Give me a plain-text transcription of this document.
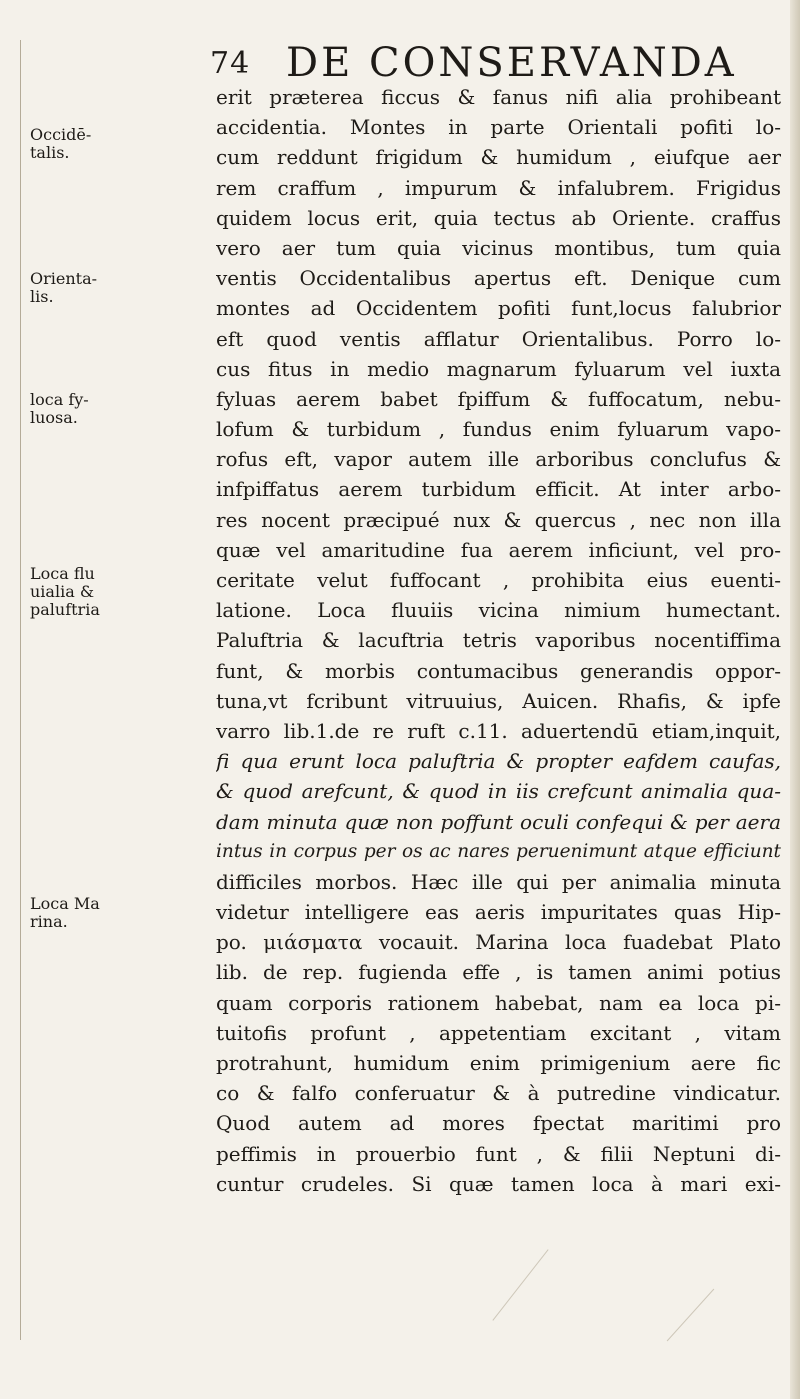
74 DE CONSERVANDA
Occidē-
talis.
Orienta-
lis.
loca fy-
luosa.
Loca flu
uialia &
paluftria
Loca Ma
rina.
erit præterea ficcus & fanus nifi alia prohibeant
accidentia. Montes in parte Orientali pofiti lo-
cum reddunt frigidum & humidum , eiufque aer
rem craffum , impurum & infalubrem. Frigidus
quidem locus erit, quia tectus ab Oriente. craffus
vero aer tum quia vicinus montibus, tum quia
ventis Occidentalibus apertus eft. Denique cum
montes ad Occidentem pofiti funt,locus falubrior
eft quod ventis afflatur Orientalibus. Porro lo-
cus fitus in medio magnarum fyluarum vel iuxta
fyluas aerem babet fpiffum & fuffocatum, nebu-
lofum & turbidum , fundus enim fyluarum vapo-
rofus eft, vapor autem ille arboribus conclufus &
infpiffatus aerem turbidum efficit. At inter arbo-
res nocent præcipué nux & quercus , nec non illa
quæ vel amaritudine fua aerem inficiunt, vel pro-
ceritate velut fuffocant , prohibita eius euenti-
latione. Loca fluuiis vicina nimium humectant.
Paluftria & lacuftria tetris vaporibus nocentiffima
funt, & morbis contumacibus generandis oppor-
tuna,vt fcribunt vitruuius, Auicen. Rhafis, & ipfe
varro lib.1.de re ruft c.11. aduertendū etiam,inquit,
fi qua erunt loca paluftria & propter eafdem caufas,
& quod arefcunt, & quod in iis crefcunt animalia qua-
dam minuta quæ non poffunt oculi confequi & per aera
intus in corpus per os ac nares peruenimunt atque efficiunt
difficiles morbos. Hæc ille qui per animalia minuta
videtur intelligere eas aeris impuritates quas Hip-
po. μιάσματα vocauit. Marina loca fuadebat Plato
lib. de rep. fugienda effe , is tamen animi potius
quam corporis rationem habebat, nam ea loca pi-
tuitofis profunt , appetentiam excitant , vitam
protrahunt, humidum enim primigenium aere fic
co & falfo conferuatur & à putredine vindicatur.
Quod autem ad mores fpectat maritimi pro
peffimis in prouerbio funt , & filii Neptuni di-
cuntur crudeles. Si quæ tamen loca à mari exi-
